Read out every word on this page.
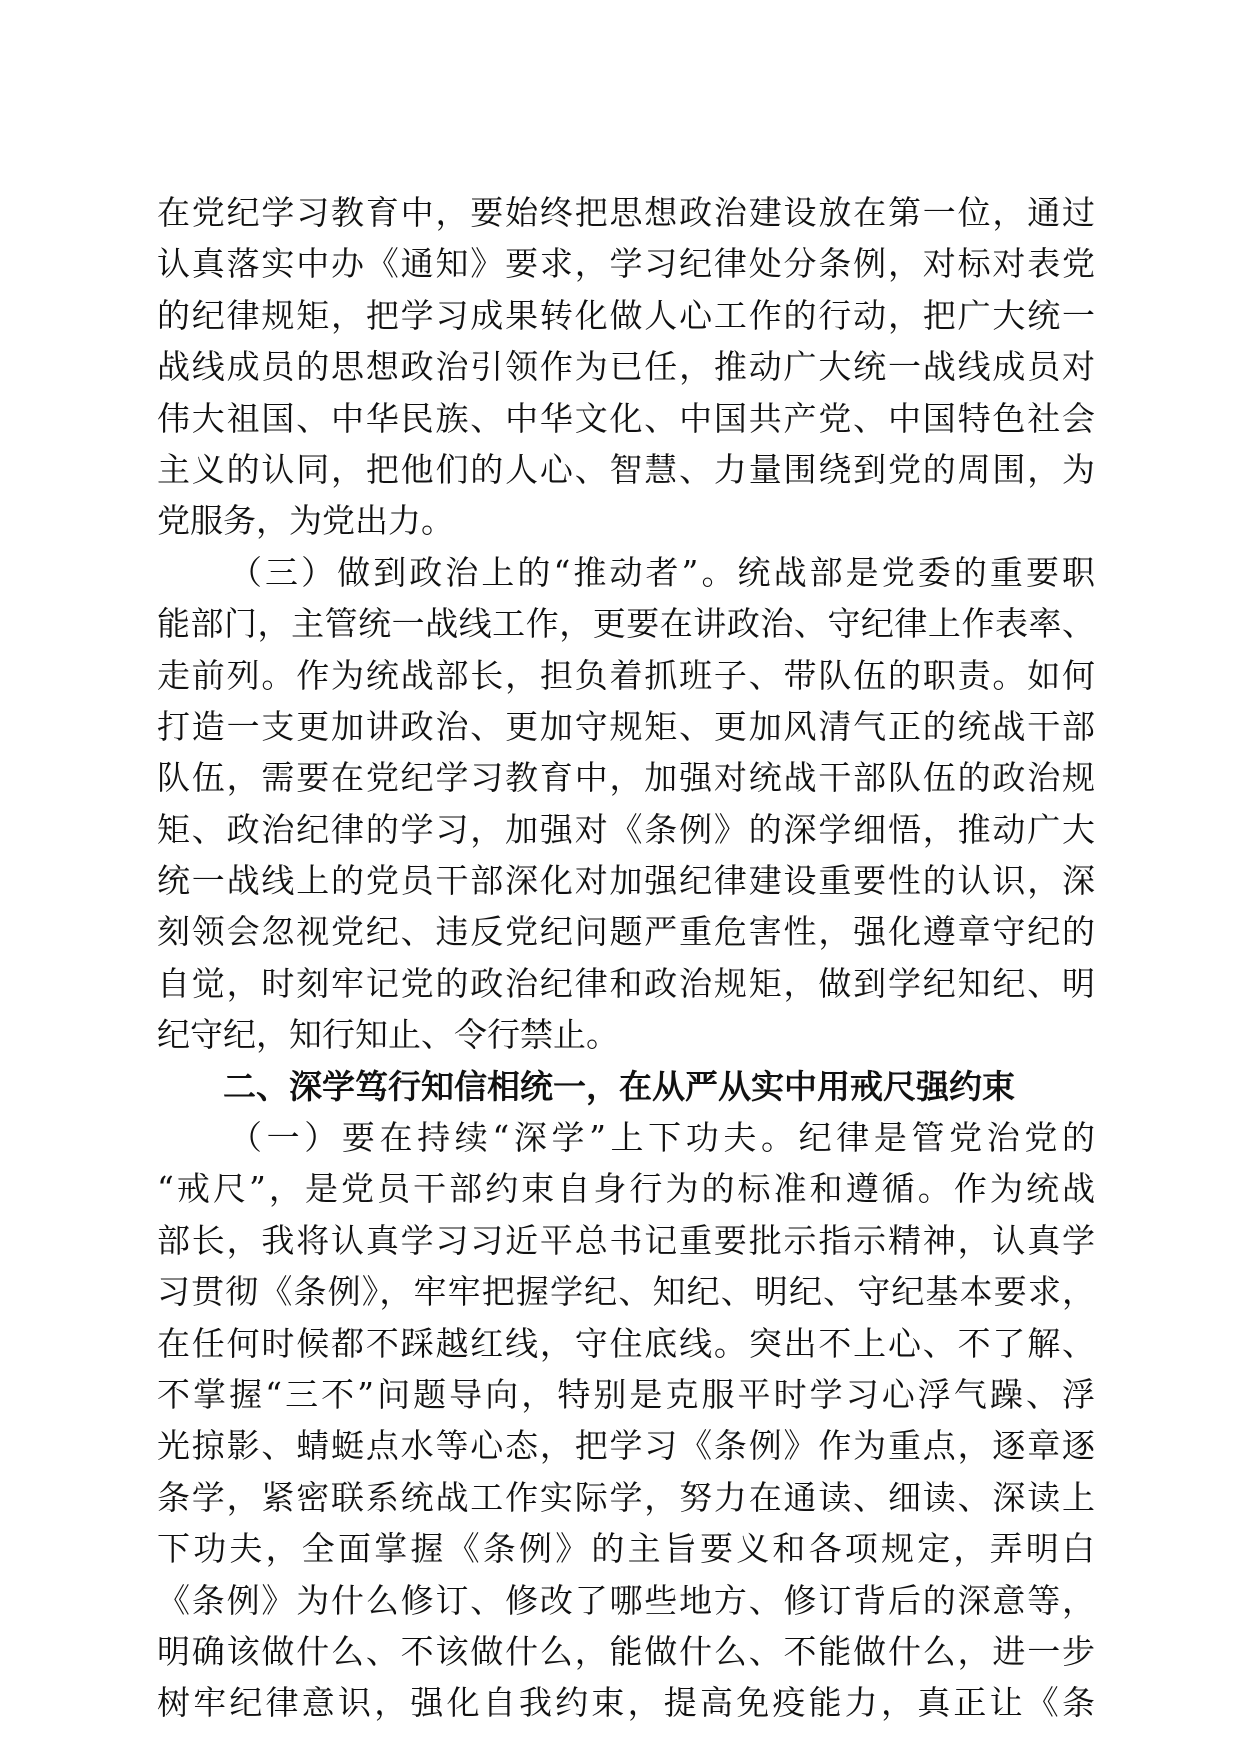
在党纪学习教育中，要始终把思想政治建设放在第一位，通过
认真落实中办《通知》要求，学习纪律处分条例，对标对表党
的纪律规矩，把学习成果转化做人心工作的行动，把广大统一
战线成员的思想政治引领作为已任，推动广大统一战线成员对
伟大祖国、中华民族、中华文化、中国共产党、中国特色社会
主义的认同，把他们的人心、智慧、力量围绕到党的周围，为
党服务，为党出力。
（三）做到政治上的“推动者”。统战部是党委的重要职
能部门，主管统一战线工作，更要在讲政治、守纪律上作表率、
走前列。作为统战部长，担负着抓班子、带队伍的职责。如何
打造一支更加讲政治、更加守规矩、更加风清气正的统战干部
队伍，需要在党纪学习教育中，加强对统战干部队伍的政治规
矩、政治纪律的学习，加强对《条例》的深学细悟，推动广大
统一战线上的党员干部深化对加强纪律建设重要性的认识，深
刻领会忽视党纪、违反党纪问题严重危害性，强化遵章守纪的
自觉，时刻牢记党的政治纪律和政治规矩，做到学纪知纪、明
纪守纪，知行知止、令行禁止。
二、深学笃行知信相统一，在从严从实中用戒尺强约束
（一）要在持续“深学”上下功夫。纪律是管党治党的
“戒尺”，是党员干部约束自身行为的标准和遵循。作为统战
部长，我将认真学习习近平总书记重要批示指示精神，认真学
习贯彻《条例》，牢牢把握学纪、知纪、明纪、守纪基本要求，
在任何时候都不踩越红线，守住底线。突出不上心、不了解、
不掌握“三不”问题导向，特别是克服平时学习心浮气躁、浮
光掠影、蜻蜓点水等心态，把学习《条例》作为重点，逐章逐
条学，紧密联系统战工作实际学，努力在通读、细读、深读上
下功夫，全面掌握《条例》的主旨要义和各项规定，弄明白
《条例》为什么修订、修改了哪些地方、修订背后的深意等，
明确该做什么、不该做什么，能做什么、不能做什么，进一步
树牢纪律意识，强化自我约束，提高免疫能力，真正让《条
